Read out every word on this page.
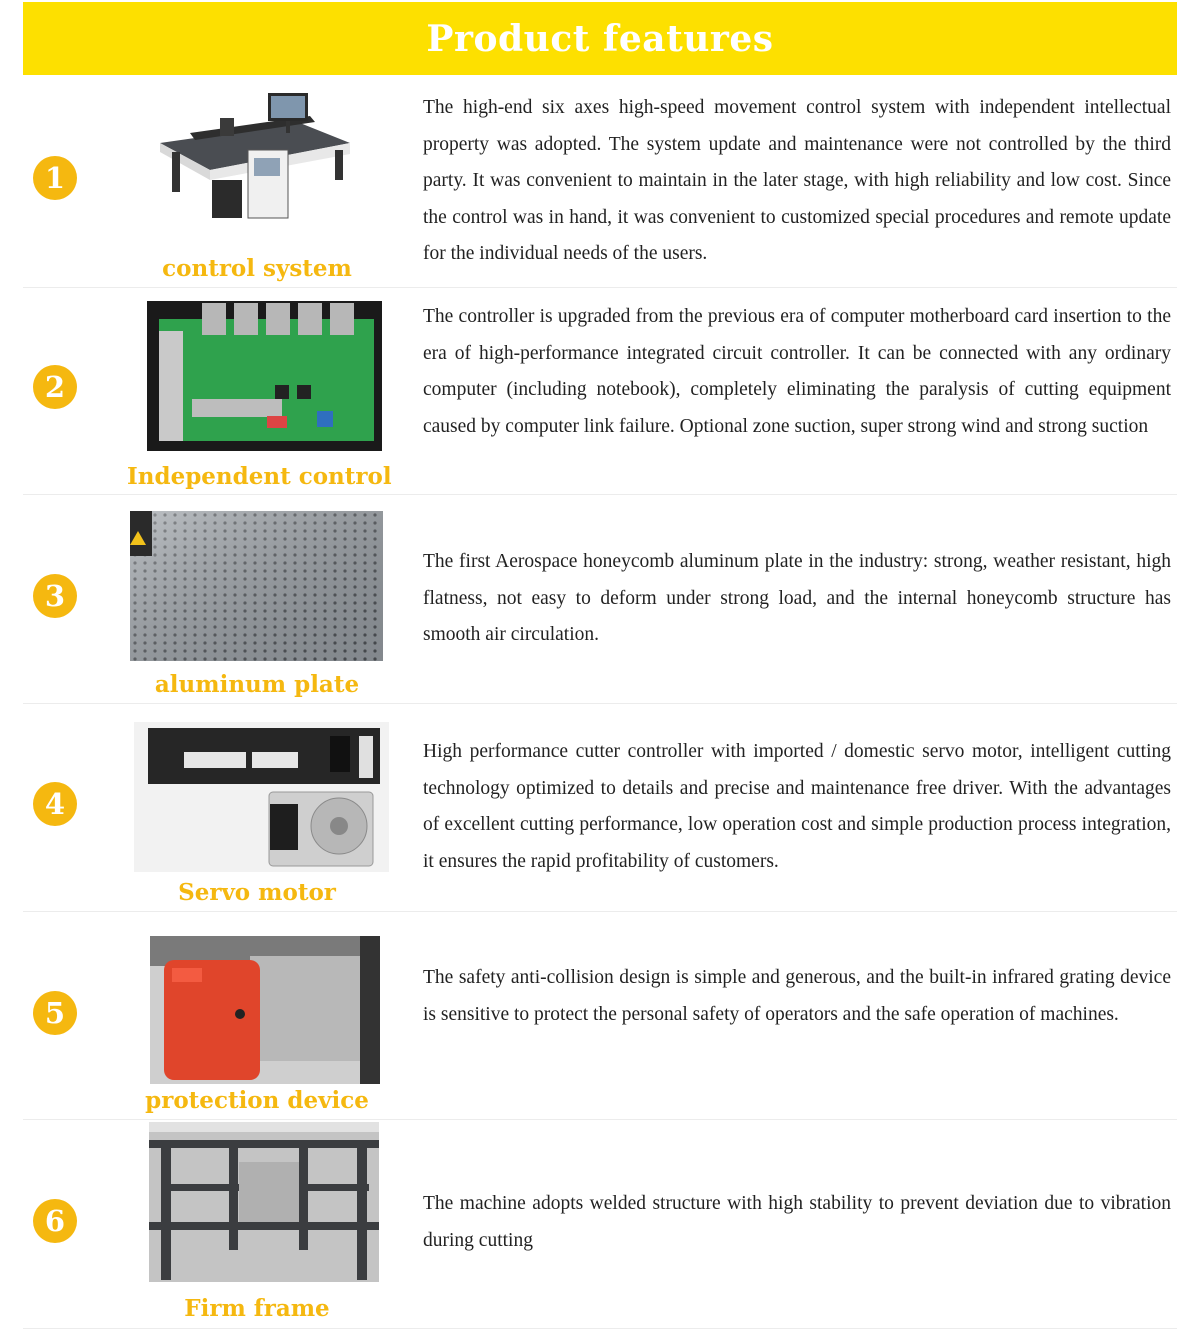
Product features
1
control system

The high-end six axes high-speed movement control system with independent intellectual property was adopted. The system update and maintenance were not controlled by the third party. It was convenient to maintain in the later stage, with high reliability and low cost. Since the control was in hand, it was convenient to customized special procedures and remote update for the individual needs of the users.

2
Independent control

The controller is upgraded from the previous era of computer motherboard card insertion to the era of high-performance integrated circuit controller. It can be connected with any ordinary computer (including notebook), completely eliminating the paralysis of cutting equipment caused by computer link failure. Optional zone suction, super strong wind and strong suction

3
aluminum plate

The first Aerospace honeycomb aluminum plate in the industry: strong, weather resistant, high flatness, not easy to deform under strong load, and the internal honeycomb structure has smooth air circulation.

4
Servo motor

High performance cutter controller with imported / domestic servo motor, intelligent cutting technology optimized to details and precise and maintenance free driver. With the advantages of excellent cutting performance, low operation cost and simple production process integration, it ensures the rapid profitability of customers.

5
protection device

The safety anti-collision design is simple and generous, and the built-in infrared grating device is sensitive to protect the personal safety of operators and the safe operation of machines.

6
Firm frame

The machine adopts welded structure with high stability to prevent deviation due to vibration during cutting
